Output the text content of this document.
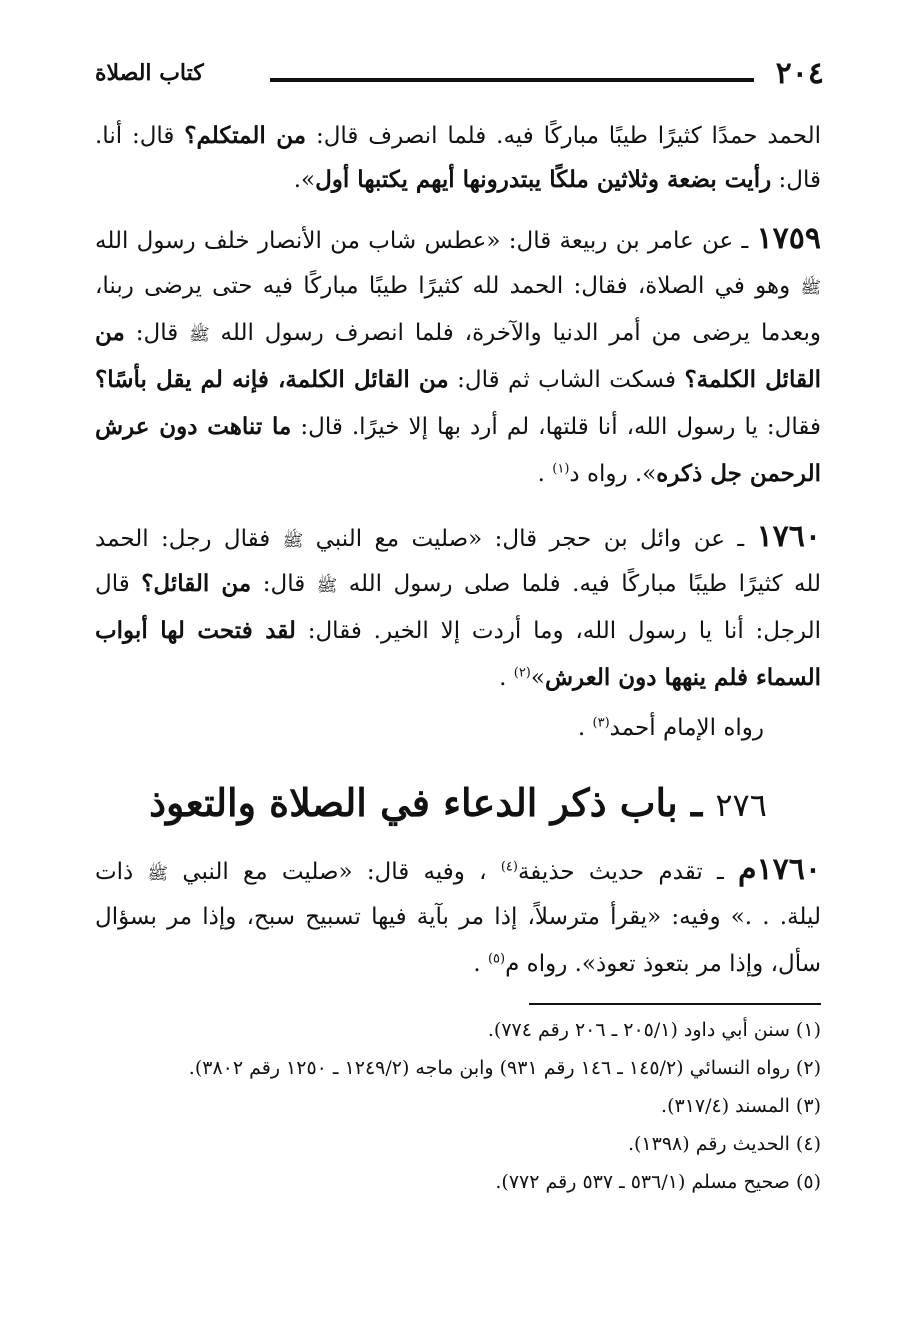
٢٠٤
كتاب الصلاة
الحمد حمدًا كثيرًا طيبًا مباركًا فيه. فلما انصرف قال: من المتكلم؟ قال: أنا.
قال: رأيت بضعة وثلاثين ملكًا يبتدرونها أيهم يكتبها أول».
١٧٥٩ ـ عن عامر بن ربيعة قال: «عطس شاب من الأنصار خلف رسول الله
ﷺ وهو في الصلاة، فقال: الحمد لله كثيرًا طيبًا مباركًا فيه حتى يرضى ربنا،
وبعدما يرضى من أمر الدنيا والآخرة، فلما انصرف رسول الله ﷺ قال: من
القائل الكلمة؟ فسكت الشاب ثم قال: من القائل الكلمة، فإنه لم يقل بأسًا؟
فقال: يا رسول الله، أنا قلتها، لم أرد بها إلا خيرًا. قال: ما تناهت دون عرش
الرحمن جل ذكره». رواه د$^{(١)}$ .
١٧٦٠ ـ عن وائل بن حجر قال: «صليت مع النبي ﷺ فقال رجل: الحمد
لله كثيرًا طيبًا مباركًا فيه. فلما صلى رسول الله ﷺ قال: من القائل؟ قال
الرجل: أنا يا رسول الله، وما أردت إلا الخير. فقال: لقد فتحت لها أبواب
السماء فلم ينهها دون العرش»$^{(٢)}$ .
رواه الإمام أحمد$^{(٣)}$ .
٢٧٦ ـ باب ذكر الدعاء في الصلاة والتعوذ
١٧٦٠م ـ تقدم حديث حذيفة$^{(٤)}$ ، وفيه قال: «صليت مع النبي ﷺ ذات
ليلة. . .» وفيه: «يقرأ مترسلاً، إذا مر بآية فيها تسبيح سبح، وإذا مر بسؤال
سأل، وإذا مر بتعوذ تعوذ». رواه م$^{(٥)}$ .
(١) سنن أبي داود (٢٠٥/١ ـ ٢٠٦ رقم ٧٧٤).
(٢) رواه النسائي (١٤٥/٢ ـ ١٤٦ رقم ٩٣١) وابن ماجه (١٢٤٩/٢ ـ ١٢٥٠ رقم ٣٨٠٢).
(٣) المسند (٣١٧/٤).
(٤) الحديث رقم (١٣٩٨).
(٥) صحيح مسلم (٥٣٦/١ ـ ٥٣٧ رقم ٧٧٢).
